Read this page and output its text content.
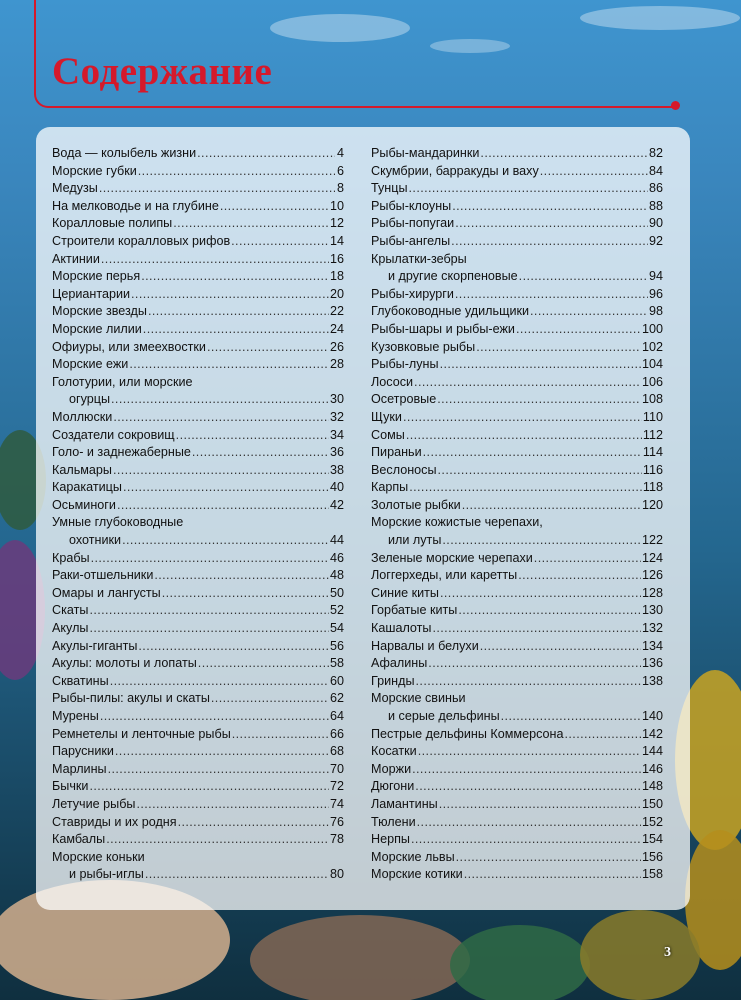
Содержание
Вода — колыбель жизни .....	4
Морские губки .....	6
Медузы .....	8
На мелководье и на глубине .....	10
Коралловые полипы .....	12
Строители коралловых рифов .....	14
Актинии .....	16
Морские перья .....	18
Цериантарии .....	20
Морские звезды .....	22
Морские лилии .....	24
Офиуры, или змеехвостки .....	26
Морские ежи .....	28
Голотурии, или морские
огурцы .....	30
Моллюски .....	32
Создатели сокровищ .....	34
Голо- и заднежаберные .....	36
Кальмары .....	38
Каракатицы .....	40
Осьминоги .....	42
Умные глубоководные
охотники .....	44
Крабы .....	46
Раки-отшельники .....	48
Омары и лангусты .....	50
Скаты .....	52
Акулы .....	54
Акулы-гиганты .....	56
Акулы: молоты и лопаты .....	58
Скватины .....	60
Рыбы-пилы: акулы и скаты .....	62
Мурены .....	64
Ремнетелы и ленточные рыбы .....	66
Парусники .....	68
Марлины .....	70
Бычки .....	72
Летучие рыбы .....	74
Ставриды и их родня .....	76
Камбалы .....	78
Морские коньки
и рыбы-иглы .....	80
Рыбы-мандаринки .....	82
Скумбрии, барракуды и ваху .....	84
Тунцы .....	86
Рыбы-клоуны .....	88
Рыбы-попугаи .....	90
Рыбы-ангелы .....	92
Крылатки-зебры
и другие скорпеновые .....	94
Рыбы-хирурги .....	96
Глубоководные удильщики .....	98
Рыбы-шары и рыбы-ежи .....	100
Кузовковые рыбы .....	102
Рыбы-луны .....	104
Лососи .....	106
Осетровые .....	108
Щуки .....	110
Сомы .....	112
Пираньи .....	114
Веслоносы .....	116
Карпы .....	118
Золотые рыбки .....	120
Морские кожистые черепахи,
или луты .....	122
Зеленые морские черепахи .....	124
Логгерхеды, или каретты .....	126
Синие киты .....	128
Горбатые киты .....	130
Кашалоты .....	132
Нарвалы и белухи .....	134
Афалины .....	136
Гринды .....	138
Морские свиньи
и серые дельфины .....	140
Пестрые дельфины Коммерсона .....	142
Косатки .....	144
Моржи .....	146
Дюгони .....	148
Ламантины .....	150
Тюлени .....	152
Нерпы .....	154
Морские львы .....	156
Морские котики .....	158
3
